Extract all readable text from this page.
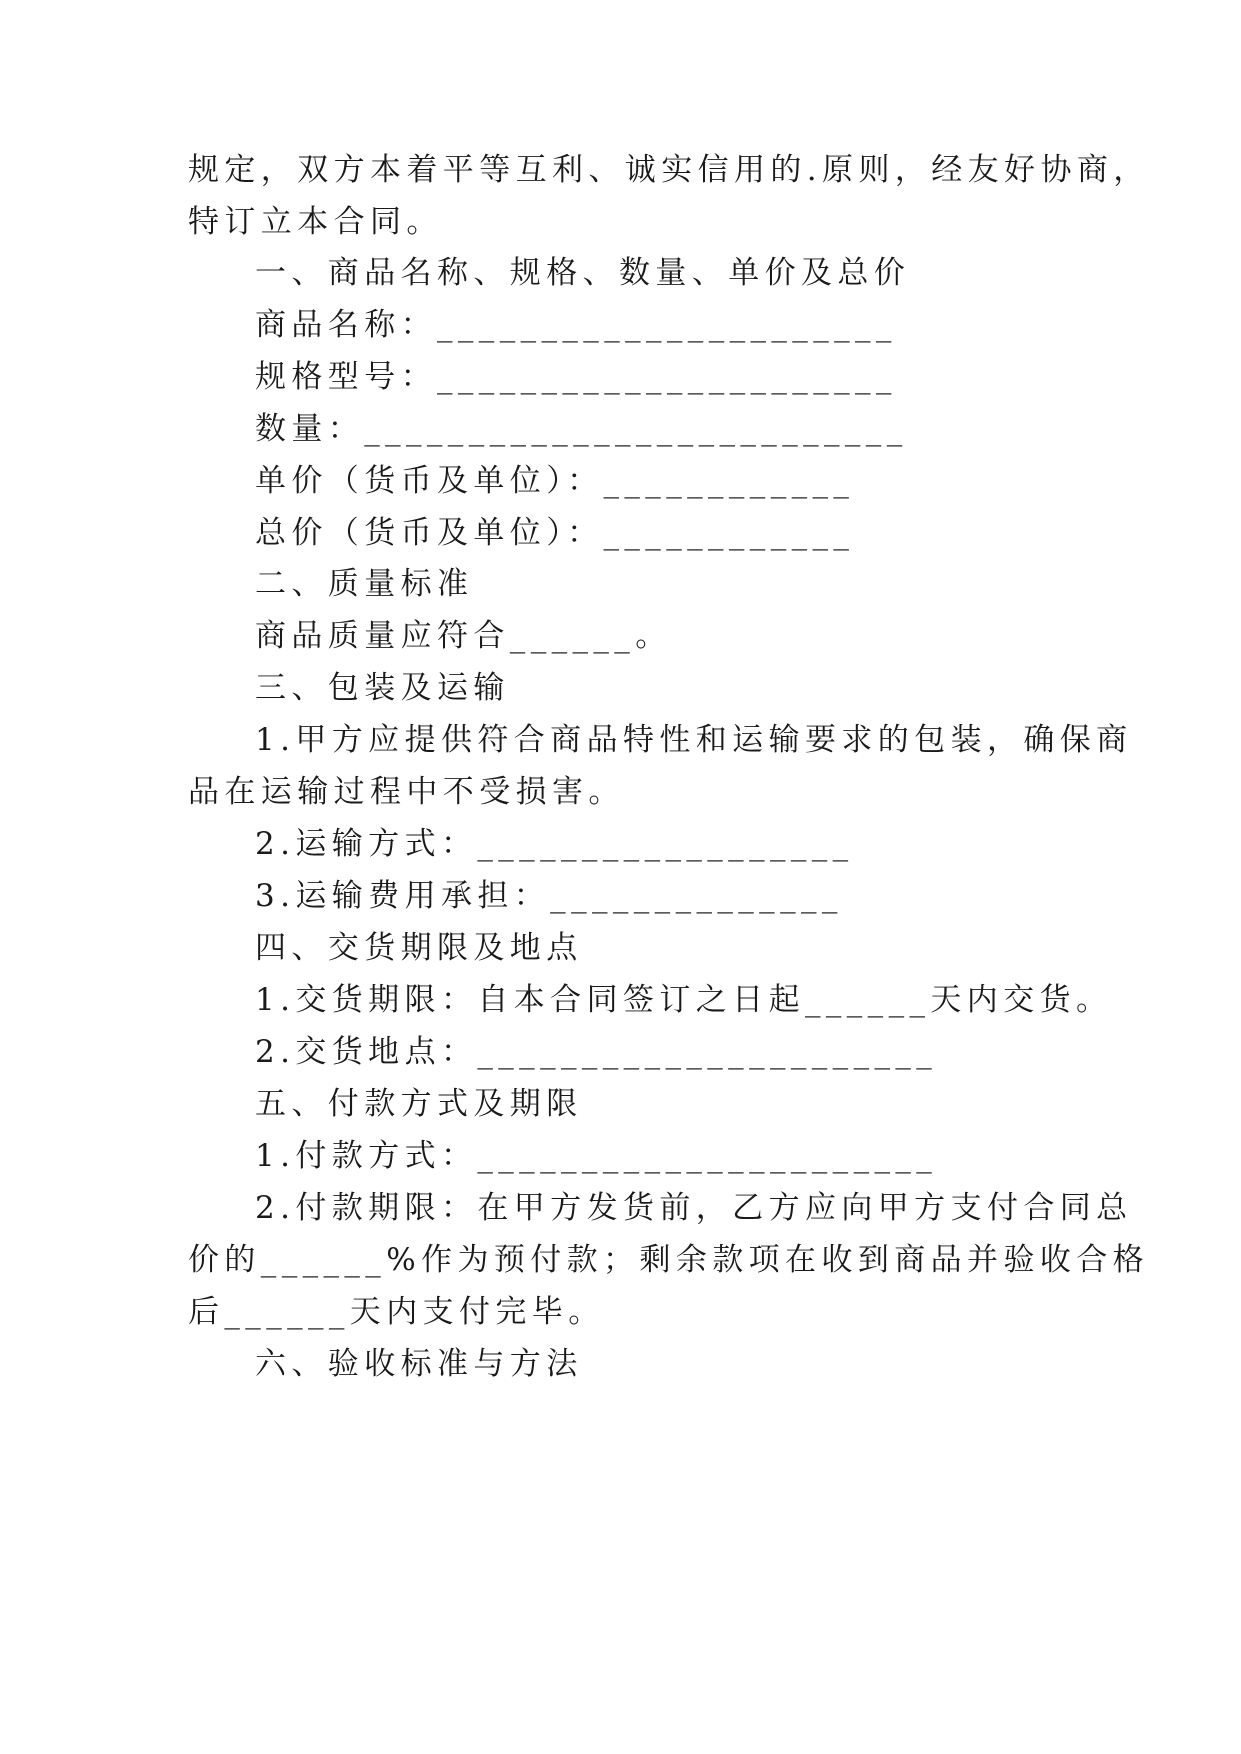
规定，双方本着平等互利、诚实信用的.原则，经友好协商，
特订立本合同。
一、商品名称、规格、数量、单价及总价
商品名称：______________________
规格型号：______________________
数量：__________________________
单价（货币及单位）：____________
总价（货币及单位）：____________
二、质量标准
商品质量应符合______。
三、包装及运输
1.甲方应提供符合商品特性和运输要求的包装，确保商
品在运输过程中不受损害。
2.运输方式：__________________
3.运输费用承担：______________
四、交货期限及地点
1.交货期限：自本合同签订之日起______天内交货。
2.交货地点：______________________
五、付款方式及期限
1.付款方式：______________________
2.付款期限：在甲方发货前，乙方应向甲方支付合同总
价的______%作为预付款；剩余款项在收到商品并验收合格
后______天内支付完毕。
六、验收标准与方法
